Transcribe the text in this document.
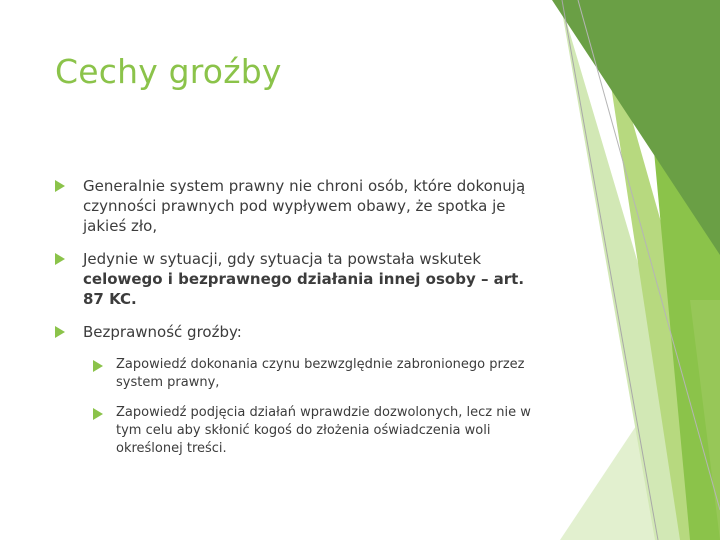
Cechy groźby
Generalnie system prawny nie chroni osób, które dokonują czynności prawnych pod wypływem obawy, że spotka je jakieś zło,
Jedynie w sytuacji, gdy sytuacja ta powstała wskutek celowego i bezprawnego działania innej osoby – art. 87 KC.
Bezprawność groźby:
Zapowiedź dokonania czynu bezwzględnie zabronionego przez system prawny,
Zapowiedź podjęcia działań wprawdzie dozwolonych, lecz nie w tym celu aby skłonić kogoś do złożenia oświadczenia woli określonej treści.
